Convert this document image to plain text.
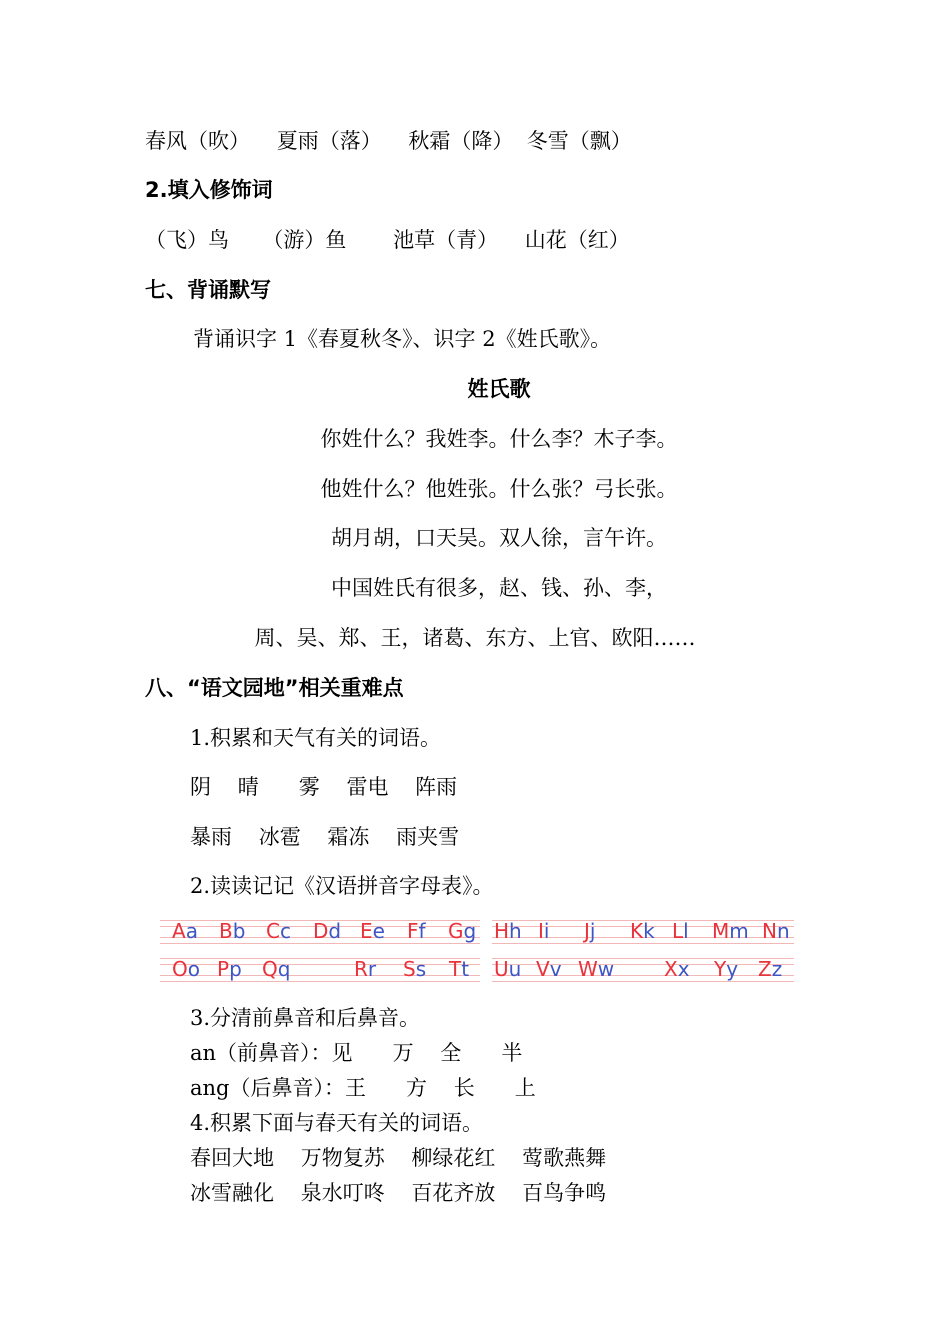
春风（吹）    夏雨（落）    秋霜（降）  冬雪（飘）
2.填入修饰词
（飞）鸟     （游）鱼       池草（青）    山花（红）
七、背诵默写
背诵识字 1《春夏秋冬》、识字 2《姓氏歌》。
姓氏歌
你姓什么？我姓李。什么李？木子李。
他姓什么？他姓张。什么张？弓长张。
胡月胡，口天吴。双人徐，言午许。
中国姓氏有很多，赵、钱、孙、李，
周、吴、郑、王，诸葛、东方、上官、欧阳……
八、“语文园地”相关重难点
1.积累和天气有关的词语。
阴    晴      雾    雷电    阵雨
暴雨    冰雹    霜冻    雨夹雪
2.读读记记《汉语拼音字母表》。
Aa Bb Cc Dd Ee Ff Gg
Oo Pp Qq	Rr Ss Tt
Hh Ii Jj Kk Ll Mm Nn
Uu Vv Ww Xx Yy Zz
3.分清前鼻音和后鼻音。
an（前鼻音）：见      万    全      半
ang（后鼻音）：王      方    长      上
4.积累下面与春天有关的词语。
春回大地    万物复苏    柳绿花红    莺歌燕舞
冰雪融化    泉水叮咚    百花齐放    百鸟争鸣
